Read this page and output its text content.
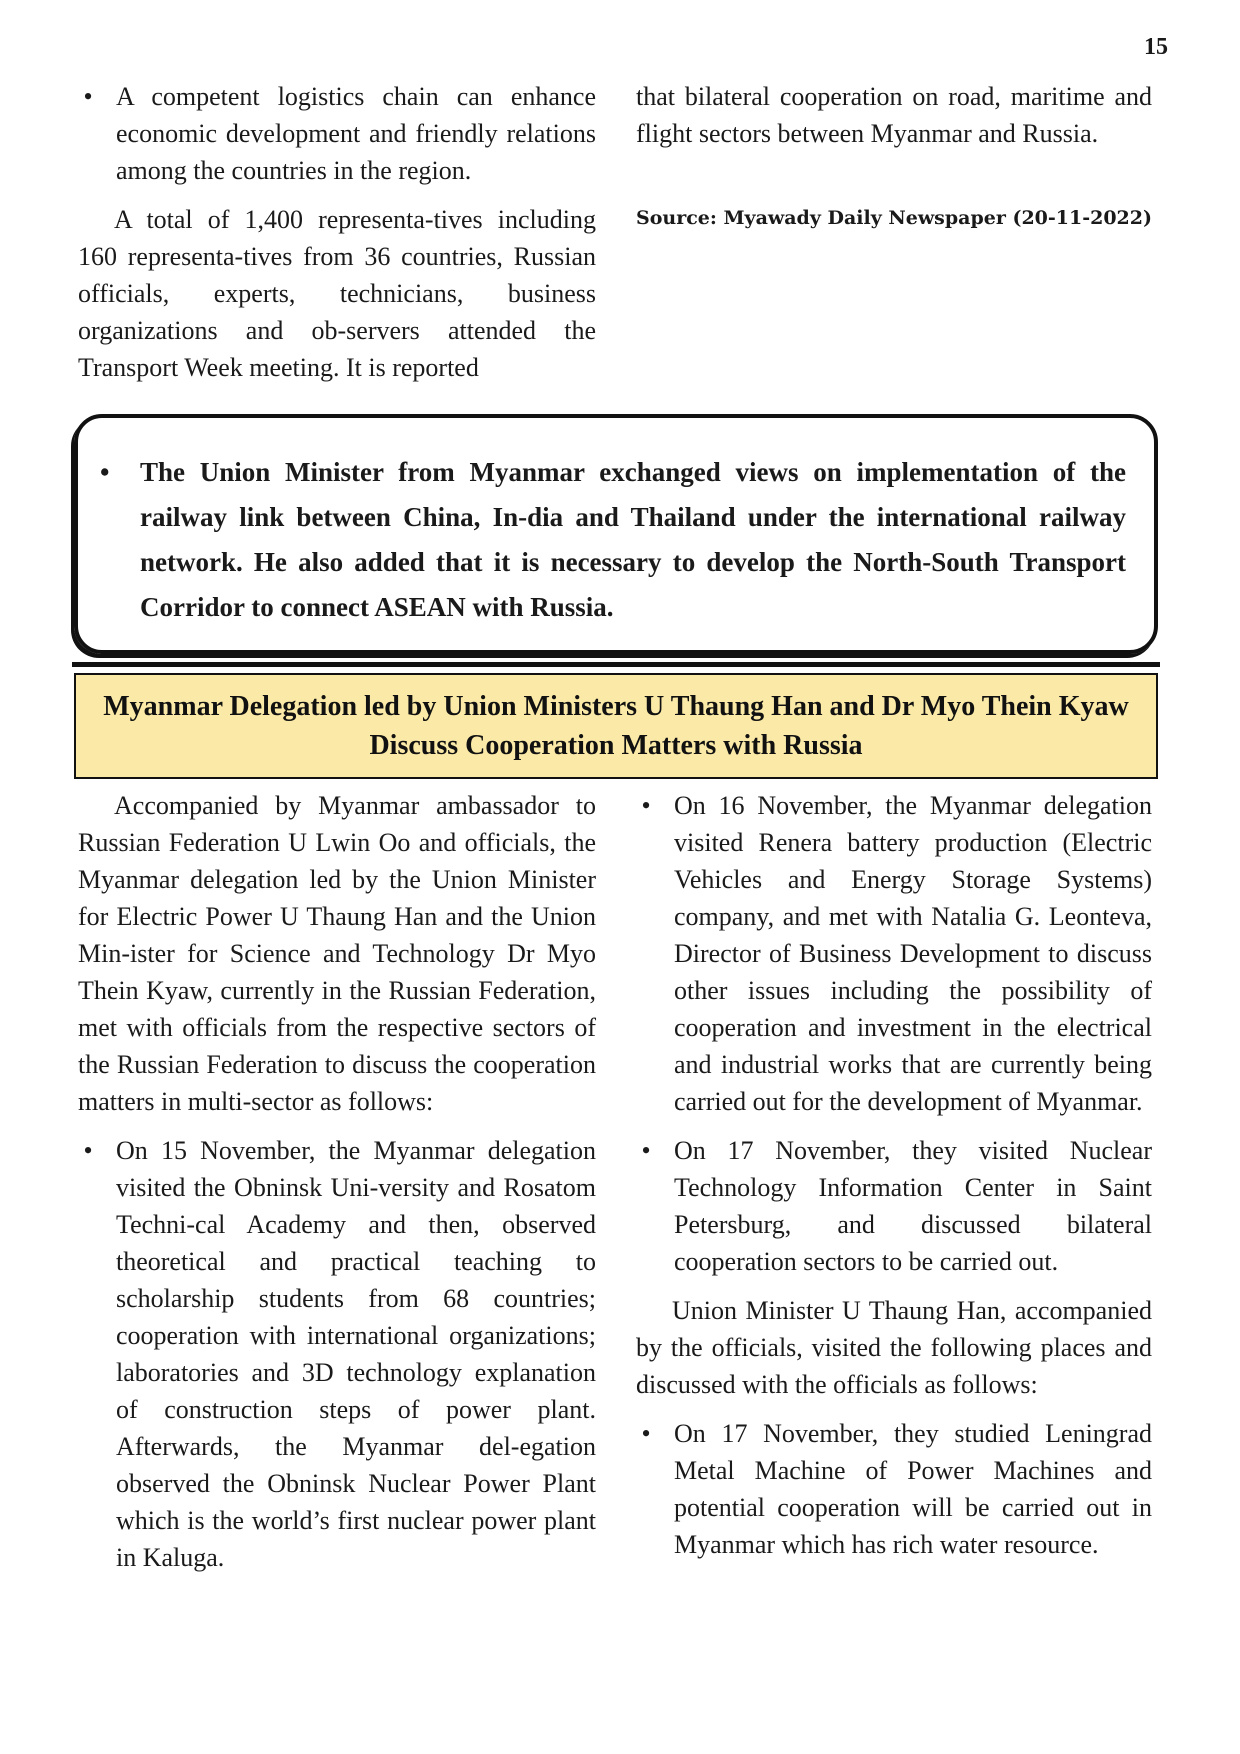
15
• A competent logistics chain can enhance economic development and friendly relations among the countries in the region.

A total of 1,400 representa-tives including 160 representa-tives from 36 countries, Russian officials, experts, technicians, business organizations and ob-servers attended the Transport Week meeting. It is reported

that bilateral cooperation on road, maritime and flight sectors between Myanmar and Russia.

Source: Myawady Daily Newspaper (20-11-2022)
• The Union Minister from Myanmar exchanged views on implementation of the railway link between China, In-dia and Thailand under the international railway network. He also added that it is necessary to develop the North-South Transport Corridor to connect ASEAN with Russia.
Myanmar Delegation led by Union Ministers U Thaung Han and Dr Myo Thein Kyaw Discuss Cooperation Matters with Russia

Accompanied by Myanmar ambassador to Russian Federation U Lwin Oo and officials, the Myanmar delegation led by the Union Minister for Electric Power U Thaung Han and the Union Min-ister for Science and Technology Dr Myo Thein Kyaw, currently in the Russian Federation, met with officials from the respective sectors of the Russian Federation to discuss the cooperation matters in multi-sector as follows:

• On 15 November, the Myanmar delegation visited the Obninsk Uni-versity and Rosatom Techni-cal Academy and then, observed theoretical and practical teaching to scholarship students from 68 countries; cooperation with international organizations; laboratories and 3D technology explanation of construction steps of power plant. Afterwards, the Myanmar del-egation observed the Obninsk Nuclear Power Plant which is the world’s first nuclear power plant in Kaluga.
• On 16 November, the Myanmar delegation visited Renera battery production (Electric Vehicles and Energy Storage Systems) company, and met with Natalia G. Leonteva, Director of Business Development to discuss other issues including the possibility of cooperation and investment in the electrical and industrial works that are currently being carried out for the development of Myanmar.
• On 17 November, they visited Nuclear Technology Information Center in Saint Petersburg, and discussed bilateral cooperation sectors to be carried out.

Union Minister U Thaung Han, accompanied by the officials, visited the following places and discussed with the officials as follows:

• On 17 November, they studied Leningrad Metal Machine of Power Machines and potential cooperation will be carried out in Myanmar which has rich water resource.
